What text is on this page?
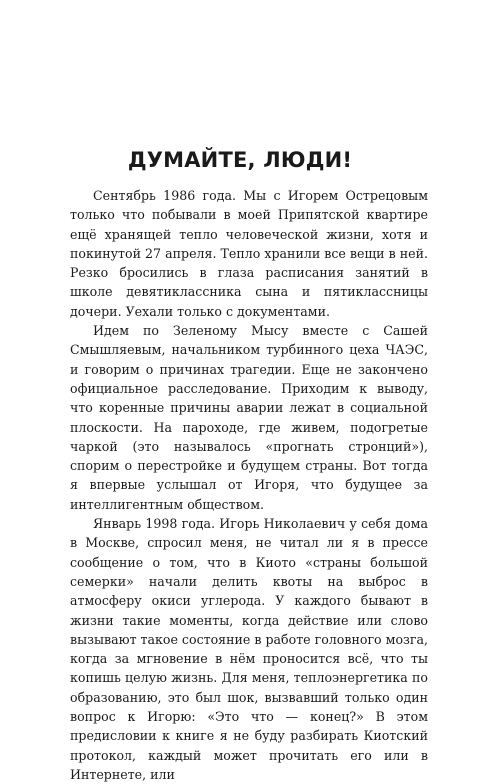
ДУМАЙТЕ, ЛЮДИ!

Сентябрь 1986 года. Мы с Игорем Острецовым только что побывали в моей Припятской квартире ещё хранящей тепло человеческой жизни, хотя и покинутой 27 апреля. Тепло хранили все вещи в ней. Резко бросились в глаза расписания занятий в школе девятиклассника сына и пятиклассницы дочери. Уехали только с документами.

Идем по Зеленому Мысу вместе с Сашей Смышляевым, начальником турбинного цеха ЧАЭС, и говорим о причинах трагедии. Еще не закончено официальное расследование. Приходим к выводу, что коренные причины аварии лежат в социальной плоскости. На пароходе, где живем, подогретые чаркой (это называлось «прогнать стронций»), спорим о перестройке и будущем страны. Вот тогда я впервые услышал от Игоря, что будущее за интеллигентным обществом.

Январь 1998 года. Игорь Николаевич у себя дома в Москве, спросил меня, не читал ли я в прессе сообщение о том, что в Киото «страны большой семерки» начали делить квоты на выброс в атмосферу окиси углерода. У каждого бывают в жизни такие моменты, когда действие или слово вызывают такое состояние в работе головного мозга, когда за мгновение в нём проносится всё, что ты копишь целую жизнь. Для меня, теплоэнергетика по образованию, это был шок, вызвавший только один вопрос к Игорю: «Это что — конец?» В этом предисловии к книге я не буду разбирать Киотский протокол, каждый может прочитать его или в Интернете, или
